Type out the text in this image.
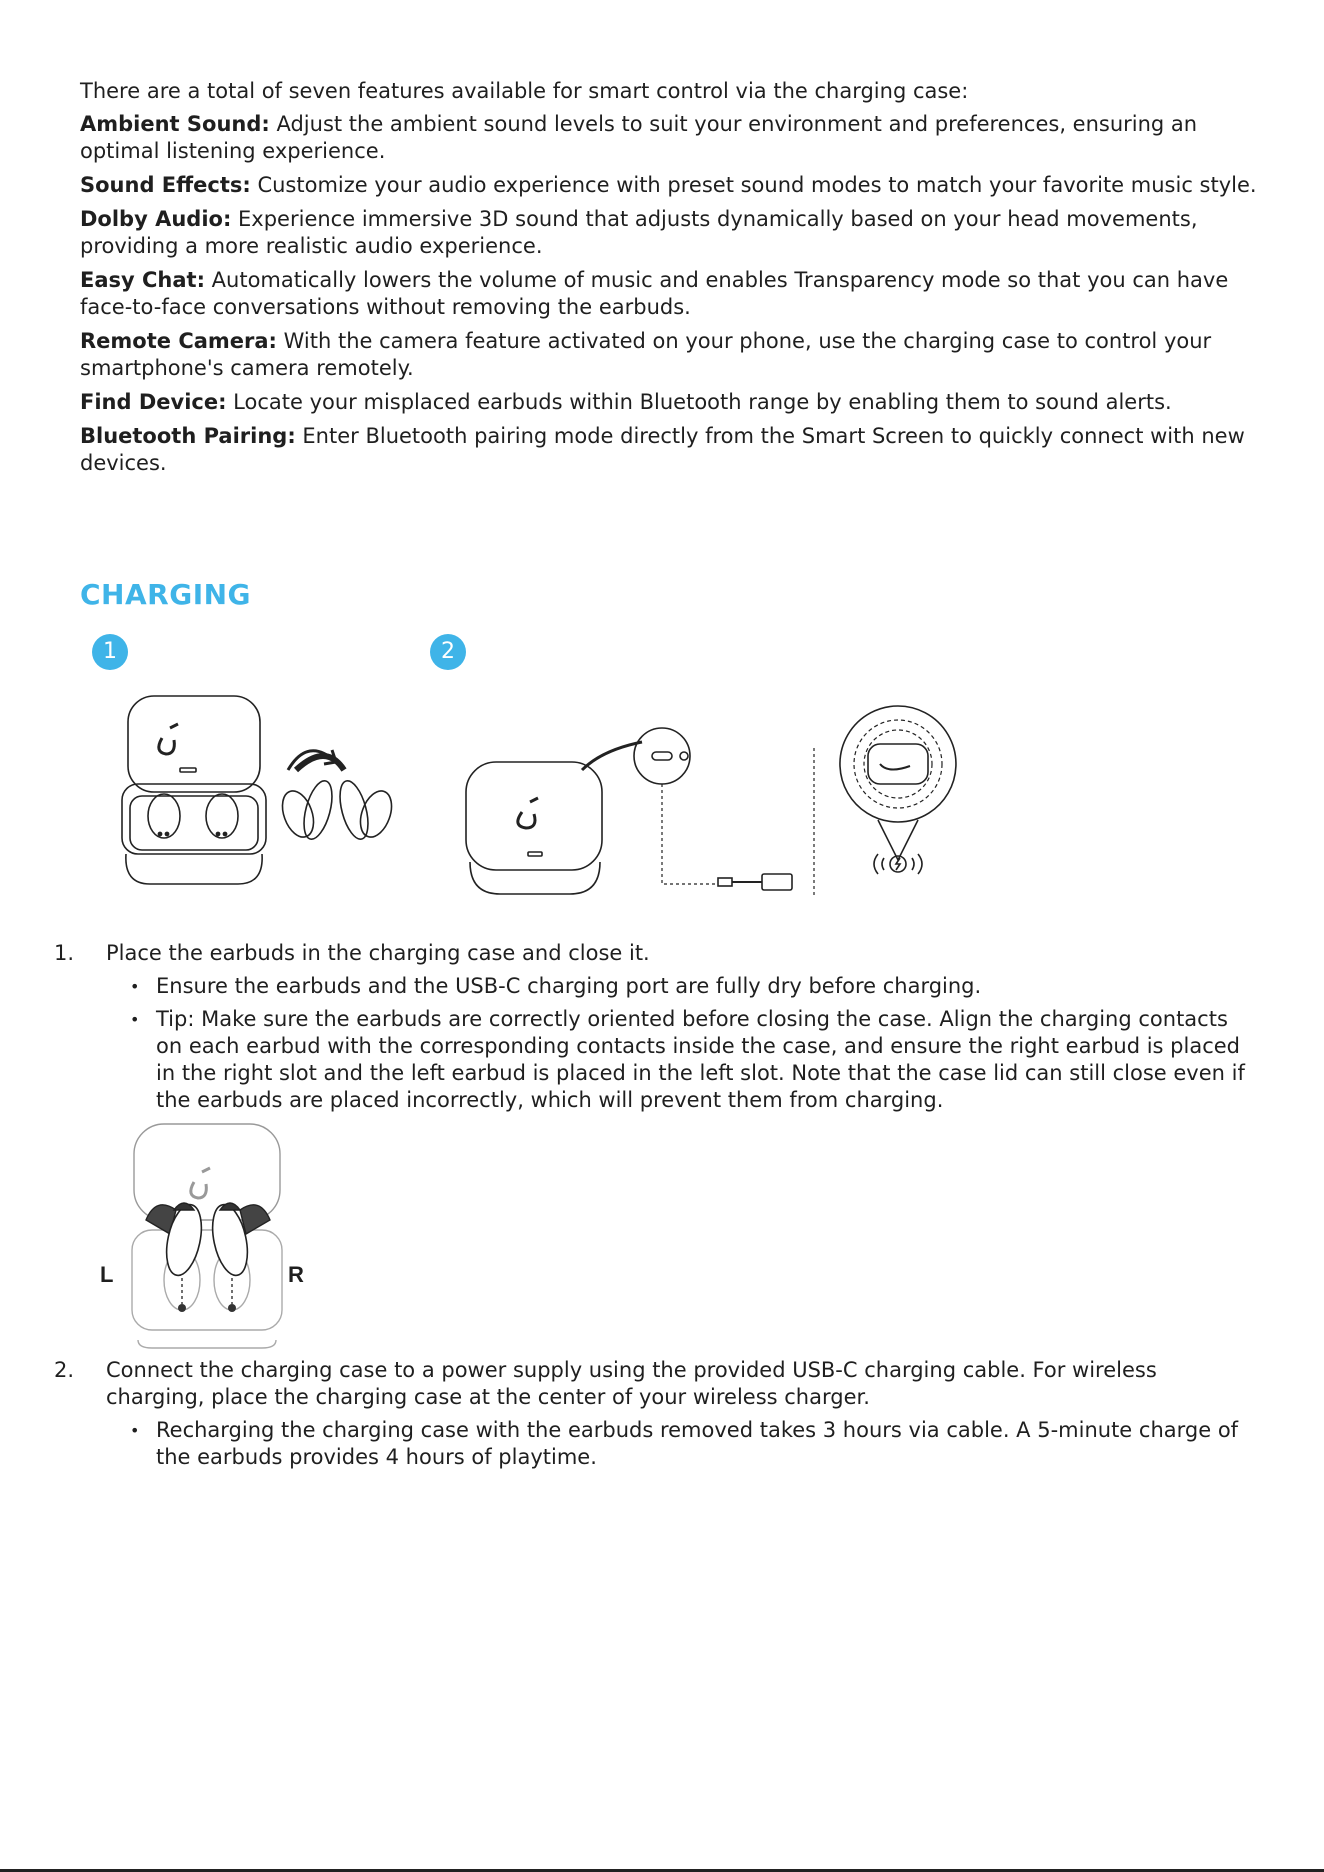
There are a total of seven features available for smart control via the charging case:

Ambient Sound: Adjust the ambient sound levels to suit your environment and preferences, ensuring an optimal listening experience.

Sound Effects: Customize your audio experience with preset sound modes to match your favorite music style.

Dolby Audio: Experience immersive 3D sound that adjusts dynamically based on your head movements, providing a more realistic audio experience.

Easy Chat: Automatically lowers the volume of music and enables Transparency mode so that you can have face-to-face conversations without removing the earbuds.

Remote Camera: With the camera feature activated on your phone, use the charging case to control your smartphone's camera remotely.

Find Device: Locate your misplaced earbuds within Bluetooth range by enabling them to sound alerts.

Bluetooth Pairing: Enter Bluetooth pairing mode directly from the Smart Screen to quickly connect with new devices.

CHARGING
1	2
L	R
1. Place the earbuds in the charging case and close it.
• Ensure the earbuds and the USB-C charging port are fully dry before charging.
• Tip: Make sure the earbuds are correctly oriented before closing the case. Align the charging contacts on each earbud with the corresponding contacts inside the case, and ensure the right earbud is placed in the right slot and the left earbud is placed in the left slot. Note that the case lid can still close even if the earbuds are placed incorrectly, which will prevent them from charging.
2. Connect the charging case to a power supply using the provided USB-C charging cable. For wireless charging, place the charging case at the center of your wireless charger.
• Recharging the charging case with the earbuds removed takes 3 hours via cable. A 5-minute charge of the earbuds provides 4 hours of playtime.
